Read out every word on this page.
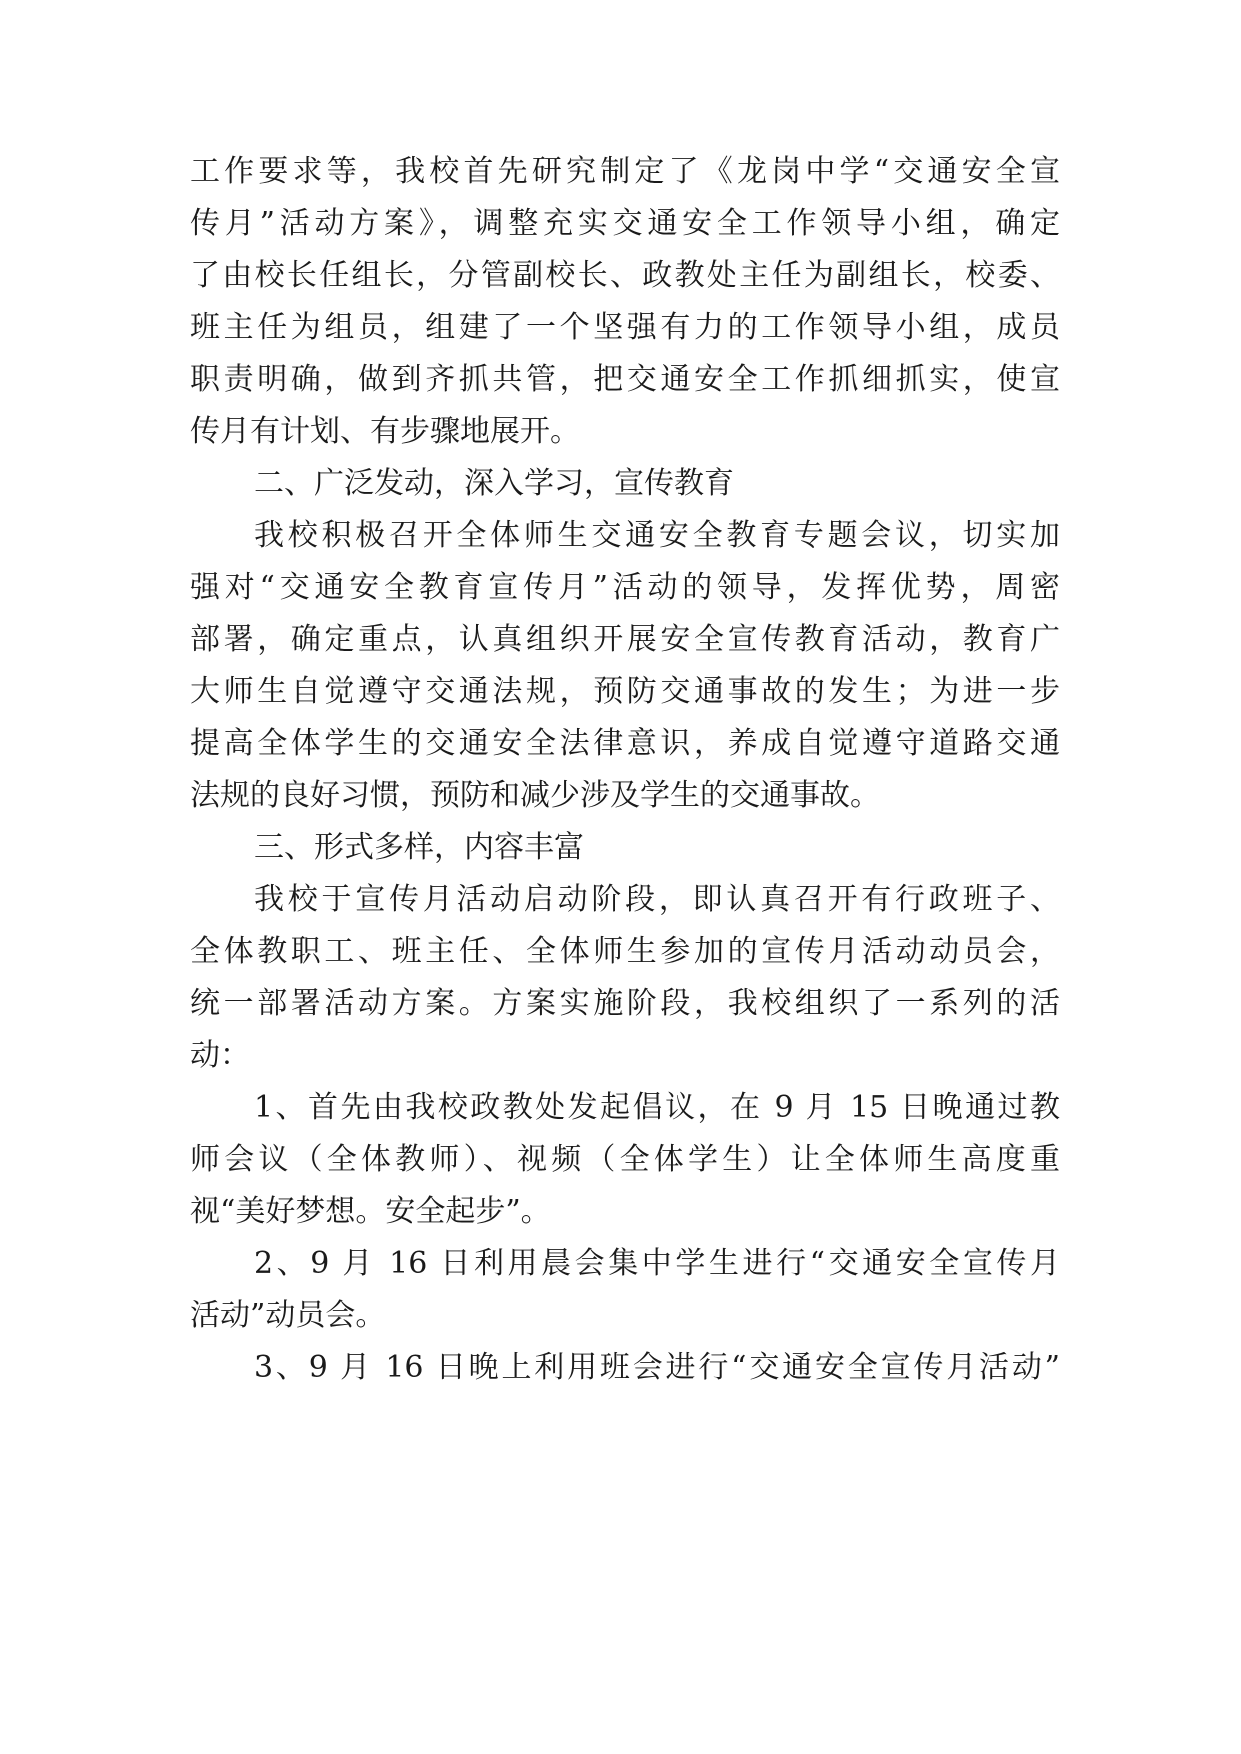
工作要求等，我校首先研究制定了《龙岗中学“交通安全宣
传月”活动方案》，调整充实交通安全工作领导小组，确定
了由校长任组长，分管副校长、政教处主任为副组长，校委、
班主任为组员，组建了一个坚强有力的工作领导小组，成员
职责明确，做到齐抓共管，把交通安全工作抓细抓实，使宣
传月有计划、有步骤地展开。
二、广泛发动，深入学习，宣传教育
我校积极召开全体师生交通安全教育专题会议，切实加
强对“交通安全教育宣传月”活动的领导，发挥优势，周密
部署，确定重点，认真组织开展安全宣传教育活动，教育广
大师生自觉遵守交通法规，预防交通事故的发生；为进一步
提高全体学生的交通安全法律意识，养成自觉遵守道路交通
法规的良好习惯，预防和减少涉及学生的交通事故。
三、形式多样，内容丰富
我校于宣传月活动启动阶段，即认真召开有行政班子、
全体教职工、班主任、全体师生参加的宣传月活动动员会，
统一部署活动方案。方案实施阶段，我校组织了一系列的活
动：
1、首先由我校政教处发起倡议，在 9 月 15 日晚通过教
师会议（全体教师）、视频（全体学生）让全体师生高度重
视“美好梦想。安全起步”。
2、9 月 16 日利用晨会集中学生进行“交通安全宣传月
活动”动员会。
3、9 月 16 日晚上利用班会进行“交通安全宣传月活动”
